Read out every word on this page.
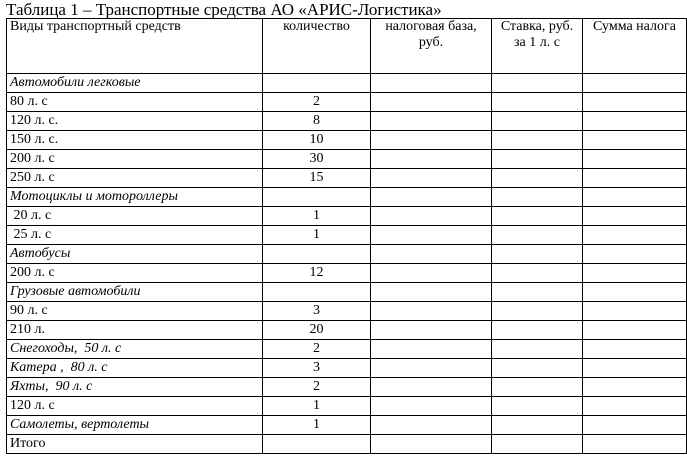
Таблица 1 – Транспортные средства АО «АРИС-Логистика»
Виды транспортный средств	количество	налоговая база, руб.	Ставка, руб. за 1 л. с	Сумма налога
Автомобили легковые				
80 л. с	2			
120 л. с.	8			
150 л. с.	10			
200 л. с	30			
250 л. с	15			
Мотоциклы и мотороллеры				
20 л. с	1			
25 л. с	1			
Автобусы				
200 л. с	12			
Грузовые автомобили				
90 л. с	3			
210 л.	20			
Снегоходы,  50 л. с	2			
Катера ,  80 л. с	3			
Яхты,  90 л. с	2			
120 л. с	1			
Самолеты, вертолеты	1			
Итого				
